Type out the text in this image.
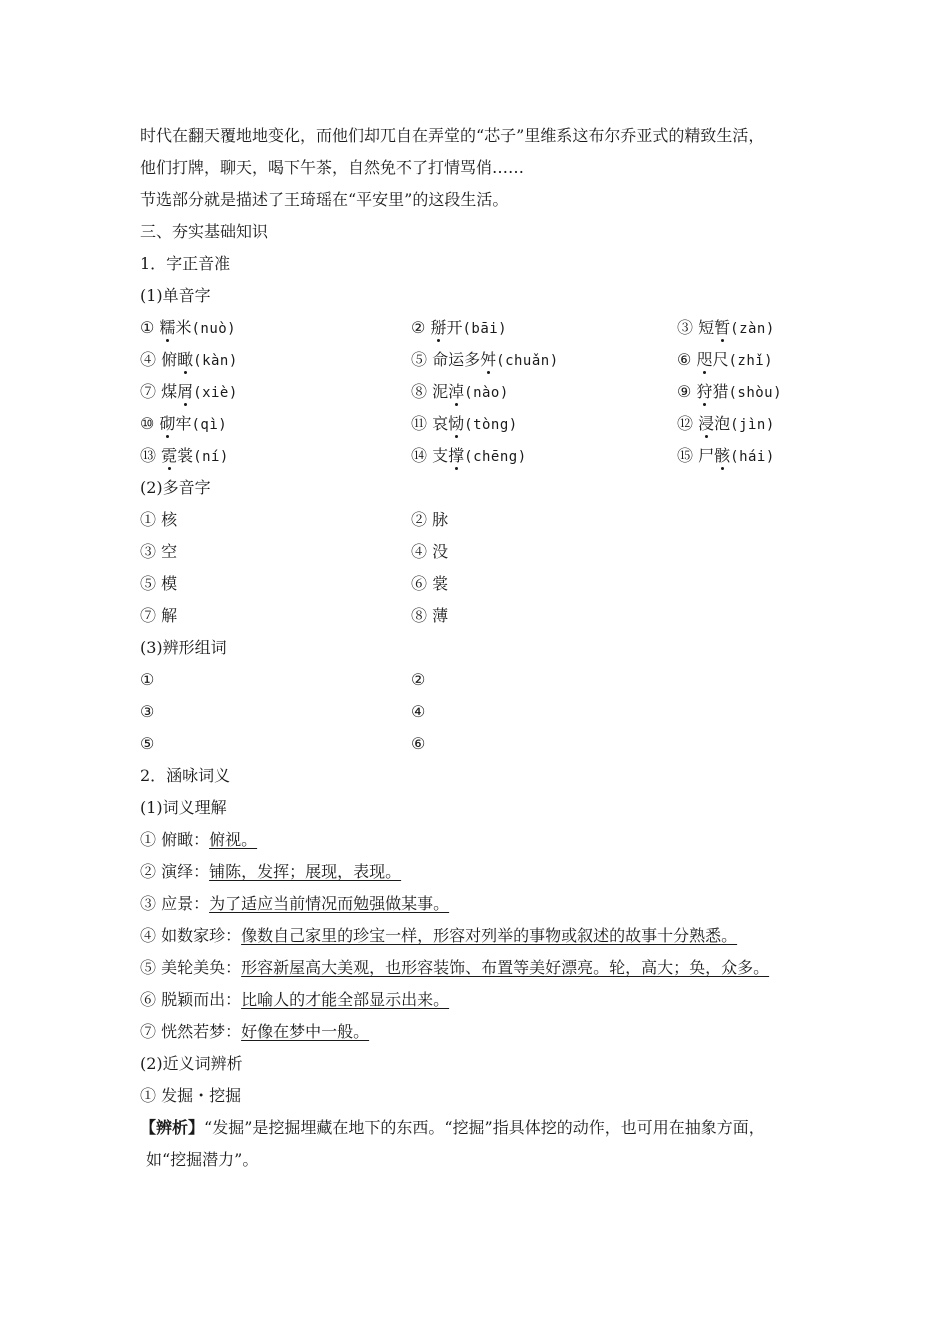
时代在翻天覆地地变化，而他们却兀自在弄堂的“芯子”里维系这布尔乔亚式的精致生活，
他们打牌，聊天，喝下午茶，自然免不了打情骂俏……
节选部分就是描述了王琦瑶在“平安里”的这段生活。
三、夯实基础知识
1．字正音准
(1)单音字
① 糯米(nuò)	② 掰开(bāi)	③ 短暂(zàn)
④ 俯瞰(kàn)	⑤ 命运多舛(chuǎn)	⑥ 咫尺(zhǐ)
⑦ 煤屑(xiè)	⑧ 泥淖(nào)	⑨ 狩猎(shòu)
⑩ 砌牢(qì)	⑪ 哀恸(tòng)	⑫ 浸泡(jìn)
⑬ 霓裳(ní)	⑭ 支撑(chēng)	⑮ 尸骸(hái)
(2)多音字
① 核	② 脉
③ 空	④ 没
⑤ 模	⑥ 裳
⑦ 解	⑧ 薄
(3)辨形组词
①	②
③	④
⑤	⑥
2．涵咏词义
(1)词义理解
① 俯瞰：俯视。
② 演绎：铺陈，发挥；展现，表现。
③ 应景：为了适应当前情况而勉强做某事。
④ 如数家珍：像数自己家里的珍宝一样，形容对列举的事物或叙述的故事十分熟悉。
⑤ 美轮美奂：形容新屋高大美观，也形容装饰、布置等美好漂亮。轮，高大；奂，众多。
⑥ 脱颖而出：比喻人的才能全部显示出来。
⑦ 恍然若梦：好像在梦中一般。
(2)近义词辨析
① 发掘・挖掘
【辨析】“发掘”是挖掘埋藏在地下的东西。“挖掘”指具体挖的动作，也可用在抽象方面，
如“挖掘潜力”。
